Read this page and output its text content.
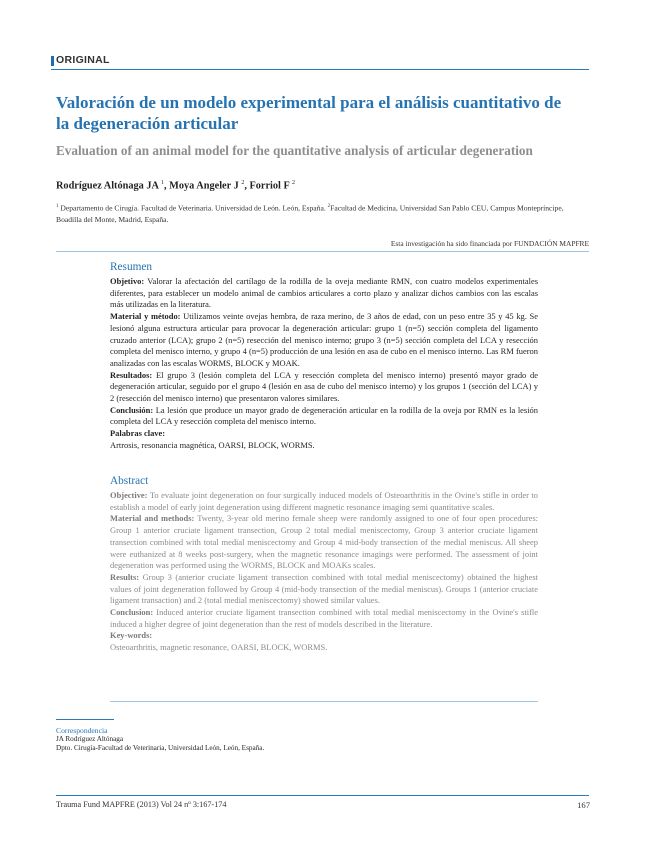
ORIGINAL
Valoración de un modelo experimental para el análisis cuantitativo de la degeneración articular
Evaluation of an animal model for the quantitative analysis of articular degeneration
Rodríguez Altónaga JA $^1$, Moya Angeler J $^2$, Forriol F $^2$
$^1$ Departamento de Cirugía. Facultad de Veterinaria. Universidad de León. León, España. $^2$Facultad de Medicina, Universidad San Pablo CEU, Campus Montepríncipe, Boadilla del Monte, Madrid, España.
Esta investigación ha sido financiada por FUNDACIÓN MAPFRE
Resumen

Objetivo: Valorar la afectación del cartílago de la rodilla de la oveja mediante RMN, con cuatro modelos experimentales diferentes, para establecer un modelo animal de cambios articulares a corto plazo y analizar dichos cambios con las escalas más utilizadas en la literatura.

Material y método: Utilizamos veinte ovejas hembra, de raza merino, de 3 años de edad, con un peso entre 35 y 45 kg. Se lesionó alguna estructura articular para provocar la degeneración articular: grupo 1 (n=5) sección completa del ligamento cruzado anterior (LCA); grupo 2 (n=5) resección del menisco interno; grupo 3 (n=5) sección completa del LCA y resección completa del menisco interno, y grupo 4 (n=5) producción de una lesión en asa de cubo en el menisco interno. Las RM fueron analizadas con las escalas WORMS, BLOCK y MOAK.

Resultados: El grupo 3 (lesión completa del LCA y resección completa del menisco interno) presentó mayor grado de degeneración articular, seguido por el grupo 4 (lesión en asa de cubo del menisco interno) y los grupos 1 (sección del LCA) y 2 (resección del menisco interno) que presentaron valores similares.

Conclusión: La lesión que produce un mayor grado de degeneración articular en la rodilla de la oveja por RMN es la lesión completa del LCA y resección completa del menisco interno.

Palabras clave:

Artrosis, resonancia magnética, OARSI, BLOCK, WORMS.

Abstract

Objective: To evaluate joint degeneration on four surgically induced models of Osteoarthritis in the Ovine's stifle in order to establish a model of early joint degeneration using different magnetic resonance imaging semi quantitative scales.

Material and methods: Twenty, 3-year old merino female sheep were randomly assigned to one of four open procedures: Group 1 anterior cruciate ligament transection, Group 2 total medial meniscectomy, Group 3 anterior cruciate ligament transection combined with total medial meniscectomy and Group 4 mid-body transection of the medial meniscus. All sheep were euthanized at 8 weeks post-surgery, when the magnetic resonance imagings were performed. The assessment of joint degeneration was performed using the WORMS, BLOCK and MOAKs scales.

Results: Group 3 (anterior cruciate ligament transection combined with total medial meniscectomy) obtained the highest values of joint degeneration followed by Group 4 (mid-body transection of the medial meniscus). Groups 1 (anterior cruciate ligament transaction) and 2 (total medial meniscectomy) showed similar values.

Conclusion: Induced anterior cruciate ligament transection combined with total medial meniscectomy in the Ovine's stifle induced a higher degree of joint degeneration than the rest of models described in the literature.

Key-words:

Osteoarthritis, magnetic resonance, OARSI, BLOCK, WORMS.

Correspondencia
JA Rodríguez Altónaga
Dpto. Cirugía-Facultad de Veterinaria, Universidad León, León, España.
Trauma Fund MAPFRE (2013) Vol 24 nº 3:167-174	167
